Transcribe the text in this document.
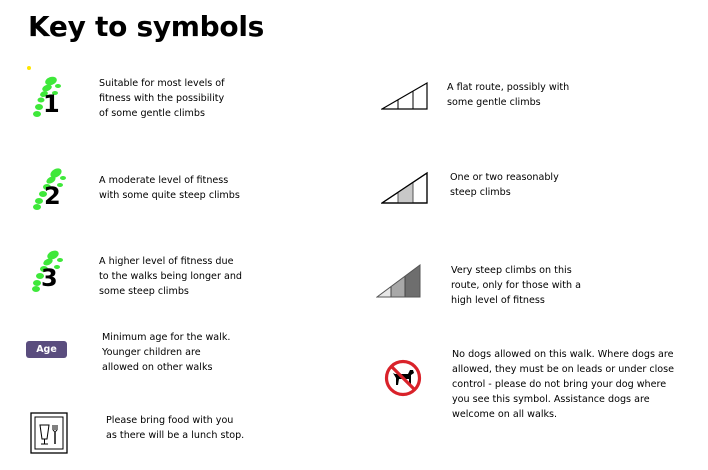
Key to symbols
1
Suitable for most levels of
fitness with the possibility
of some gentle climbs
2
A moderate level of fitness
with some quite steep climbs
3
A higher level of fitness due
to the walks being longer and
some steep climbs
Age 14+
Minimum age for the walk.
Younger children are
allowed on other walks
Please bring food with you
as there will be a lunch stop.
A flat route, possibly with
some gentle climbs
One or two reasonably
steep climbs
Very steep climbs on this
route, only for those with a
high level of fitness
No dogs allowed on this walk. Where dogs are
allowed, they must be on leads or under close
control - please do not bring your dog where
you see this symbol. Assistance dogs are
welcome on all walks.
